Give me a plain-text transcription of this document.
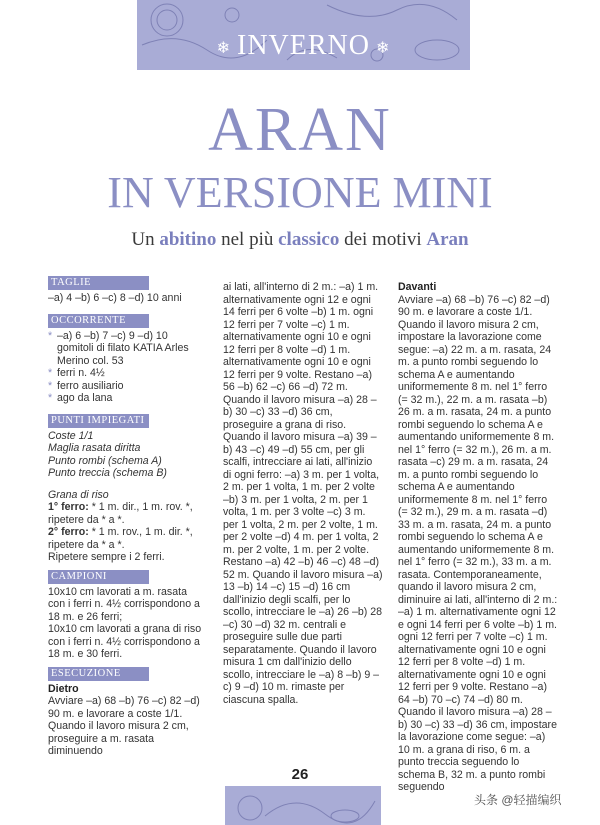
❄ INVERNO ❄
ARAN
IN VERSIONE MINI
Un abitino nel più classico dei motivi Aran
TAGLIE

–a) 4 –b) 6 –c) 8 –d) 10 anni

OCCORRENTE
* –a) 6 –b) 7 –c) 9 –d) 10 gomitoli di filato KATIA Arles Merino col. 53
* ferri n. 4½
* ferro ausiliario
* ago da lana
PUNTI IMPIEGATI

Coste 1/1

Maglia rasata diritta

Punto rombi (schema A)

Punto treccia (schema B)

Grana di riso

1° ferro: * 1 m. dir., 1 m. rov. *, ripetere da * a *.

2° ferro: * 1 m. rov., 1 m. dir. *, ripetere da * a *.

Ripetere sempre i 2 ferri.

CAMPIONI

10x10 cm lavorati a m. rasata con i ferri n. 4½ corrispondono a 18 m. e 26 ferri;

10x10 cm lavorati a grana di riso con i ferri n. 4½ corrispondono a 18 m. e 30 ferri.

ESECUZIONE

Dietro

Avviare –a) 68 –b) 76 –c) 82 –d) 90 m. e lavorare a coste 1/1. Quando il lavoro misura 2 cm, proseguire a m. rasata diminuendo

ai lati, all'interno di 2 m.: –a) 1 m. alternativamente ogni 12 e ogni 14 ferri per 6 volte –b) 1 m. ogni 12 ferri per 7 volte –c) 1 m. alternativamente ogni 10 e ogni 12 ferri per 8 volte –d) 1 m. alternativamente ogni 10 e ogni 12 ferri per 9 volte. Restano –a) 56 –b) 62 –c) 66 –d) 72 m. Quando il lavoro misura –a) 28 –b) 30 –c) 33 –d) 36 cm, proseguire a grana di riso. Quando il lavoro misura –a) 39 –b) 43 –c) 49 –d) 55 cm, per gli scalfi, intrecciare ai lati, all'inizio di ogni ferro: –a) 3 m. per 1 volta, 2 m. per 1 volta, 1 m. per 2 volte –b) 3 m. per 1 volta, 2 m. per 1 volta, 1 m. per 3 volte –c) 3 m. per 1 volta, 2 m. per 2 volte, 1 m. per 2 volte –d) 4 m. per 1 volta, 2 m. per 2 volte, 1 m. per 2 volte. Restano –a) 42 –b) 46 –c) 48 –d) 52 m. Quando il lavoro misura –a) 13 –b) 14 –c) 15 –d) 16 cm dall'inizio degli scalfi, per lo scollo, intrecciare le –a) 26 –b) 28 –c) 30 –d) 32 m. centrali e proseguire sulle due parti separatamente. Quando il lavoro misura 1 cm dall'inizio dello scollo, intrecciare le –a) 8 –b) 9 –c) 9 –d) 10 m. rimaste per ciascuna spalla.

Davanti

Avviare –a) 68 –b) 76 –c) 82 –d) 90 m. e lavorare a coste 1/1. Quando il lavoro misura 2 cm, impostare la lavorazione come segue: –a) 22 m. a m. rasata, 24 m. a punto rombi seguendo lo schema A e aumentando uniformemente 8 m. nel 1° ferro (= 32 m.), 22 m. a m. rasata –b) 26 m. a m. rasata, 24 m. a punto rombi seguendo lo schema A e aumentando uniformemente 8 m. nel 1° ferro (= 32 m.), 26 m. a m. rasata –c) 29 m. a m. rasata, 24 m. a punto rombi seguendo lo schema A e aumentando uniformemente 8 m. nel 1° ferro (= 32 m.), 29 m. a m. rasata –d) 33 m. a m. rasata, 24 m. a punto rombi seguendo lo schema A e aumentando uniformemente 8 m. nel 1° ferro (= 32 m.), 33 m. a m. rasata. Contemporaneamente, quando il lavoro misura 2 cm, diminuire ai lati, all'interno di 2 m.: –a) 1 m. alternativamente ogni 12 e ogni 14 ferri per 6 volte –b) 1 m. ogni 12 ferri per 7 volte –c) 1 m. alternativamente ogni 10 e ogni 12 ferri per 8 volte –d) 1 m. alternativamente ogni 10 e ogni 12 ferri per 9 volte. Restano –a) 64 –b) 70 –c) 74 –d) 80 m. Quando il lavoro misura –a) 28 –b) 30 –c) 33 –d) 36 cm, impostare la lavorazione come segue: –a) 10 m. a grana di riso, 6 m. a punto treccia seguendo lo schema B, 32 m. a punto rombi seguendo

26
头条 @轻描编织
